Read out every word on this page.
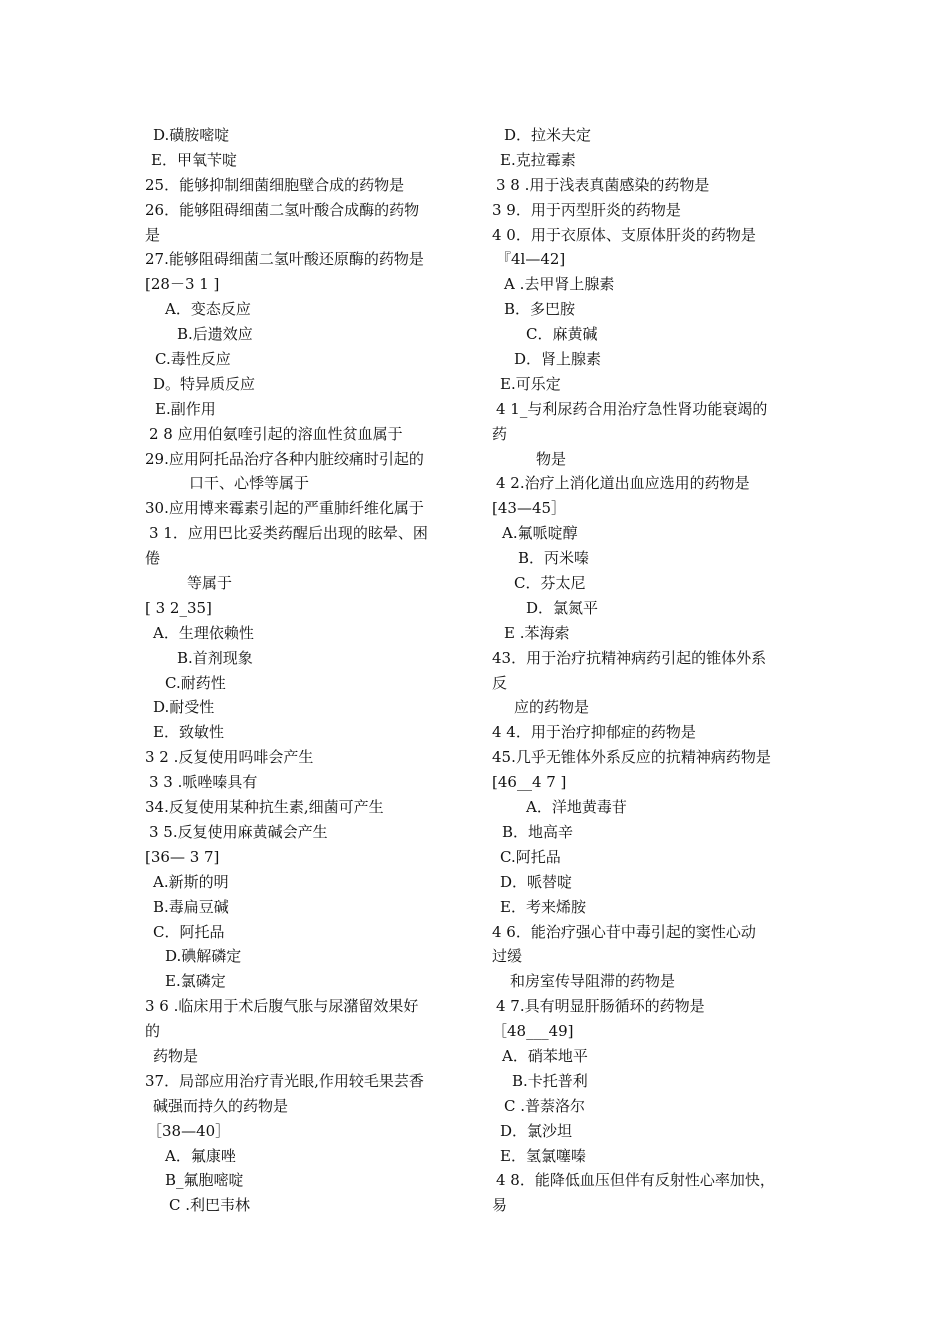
D.磺胺嘧啶
E．甲氧苄啶
25．能够抑制细菌细胞壁合成的药物是
26．能够阻碍细菌二氢叶酸合成酶的药物
是
27.能够阻碍细菌二氢叶酸还原酶的药物是
[28－3 1 ]
A．变态反应
B.后遗效应
C.毒性反应
D。特异质反应
E.副作用
2 8 应用伯氨喹引起的溶血性贫血属于
29.应用阿托品治疗各种内脏绞痛时引起的
口干、心悸等属于
30.应用博来霉素引起的严重肺纤维化属于
3 1．应用巴比妥类药醒后出现的眩晕、困
倦
等属于
[ 3 2_35]
A．生理依赖性
B.首剂现象
C.耐药性
D.耐受性
E．致敏性
3 2 .反复使用吗啡会产生
3 3 .哌唑嗪具有
34.反复使用某种抗生素,细菌可产生
3 5.反复使用麻黄碱会产生
[36— 3 7]
A.新斯的明
B.毒扁豆碱
C．阿托品
D.碘解磷定
E.氯磷定
3 6 .临床用于术后腹气胀与尿潴留效果好
的
药物是
37．局部应用治疗青光眼,作用较毛果芸香
碱强而持久的药物是
［38—40］
A．氟康唑
B_氟胞嘧啶
C .利巴韦林
D．拉米夫定
E.克拉霉素
3 8 .用于浅表真菌感染的药物是
3 9．用于丙型肝炎的药物是
4 0．用于衣原体、支原体肝炎的药物是
『4l—42]
A .去甲肾上腺素
B．多巴胺
C．麻黄碱
D．肾上腺素
E.可乐定
4 1_与利尿药合用治疗急性肾功能衰竭的
药
物是
4 2.治疗上消化道出血应选用的药物是
[43—45］
A.氟哌啶醇
B．丙米嗪
C．芬太尼
D．氯氮平
E .苯海索
43．用于治疗抗精神病药引起的锥体外系
反
应的药物是
4 4．用于治疗抑郁症的药物是
45.几乎无锥体外系反应的抗精神病药物是
[46__4 7 ]
A．洋地黄毒苷
B．地高辛
C.阿托品
D．哌替啶
E．考来烯胺
4 6．能治疗强心苷中毒引起的窦性心动
过缓
和房室传导阻滞的药物是
4 7.具有明显肝肠循环的药物是
［48___49]
A．硝苯地平
B.卡托普利
C .普萘洛尔
D．氯沙坦
E．氢氯噻嗪
4 8．能降低血压但伴有反射性心率加快，
易
